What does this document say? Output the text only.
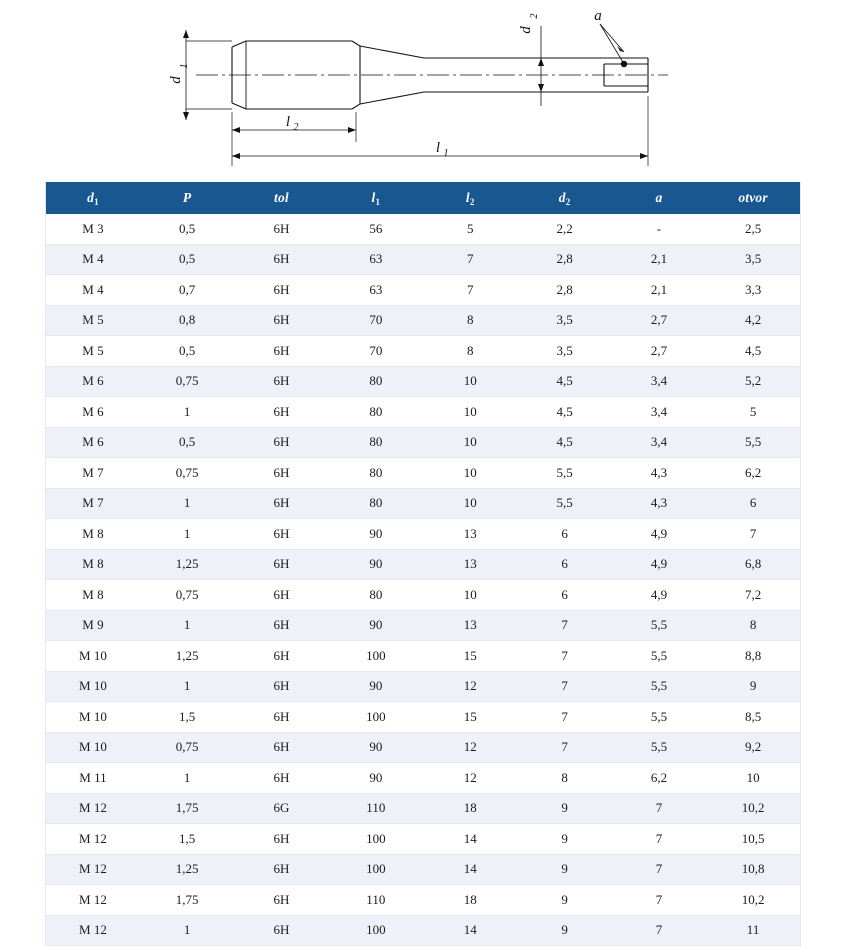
d
1
l 2
l 1
d
2	a
$d_1$	P	tol	$l_1$	$l_2$	$d_2$	a	otvor
M 3	0,5	6H	56	5	2,2	-	2,5
M 4	0,5	6H	63	7	2,8	2,1	3,5
M 4	0,7	6H	63	7	2,8	2,1	3,3
M 5	0,8	6H	70	8	3,5	2,7	4,2
M 5	0,5	6H	70	8	3,5	2,7	4,5
M 6	0,75	6H	80	10	4,5	3,4	5,2
M 6	1	6H	80	10	4,5	3,4	5
M 6	0,5	6H	80	10	4,5	3,4	5,5
M 7	0,75	6H	80	10	5,5	4,3	6,2
M 7	1	6H	80	10	5,5	4,3	6
M 8	1	6H	90	13	6	4,9	7
M 8	1,25	6H	90	13	6	4,9	6,8
M 8	0,75	6H	80	10	6	4,9	7,2
M 9	1	6H	90	13	7	5,5	8
M 10	1,25	6H	100	15	7	5,5	8,8
M 10	1	6H	90	12	7	5,5	9
M 10	1,5	6H	100	15	7	5,5	8,5
M 10	0,75	6H	90	12	7	5,5	9,2
M 11	1	6H	90	12	8	6,2	10
M 12	1,75	6G	110	18	9	7	10,2
M 12	1,5	6H	100	14	9	7	10,5
M 12	1,25	6H	100	14	9	7	10,8
M 12	1,75	6H	110	18	9	7	10,2
M 12	1	6H	100	14	9	7	11
